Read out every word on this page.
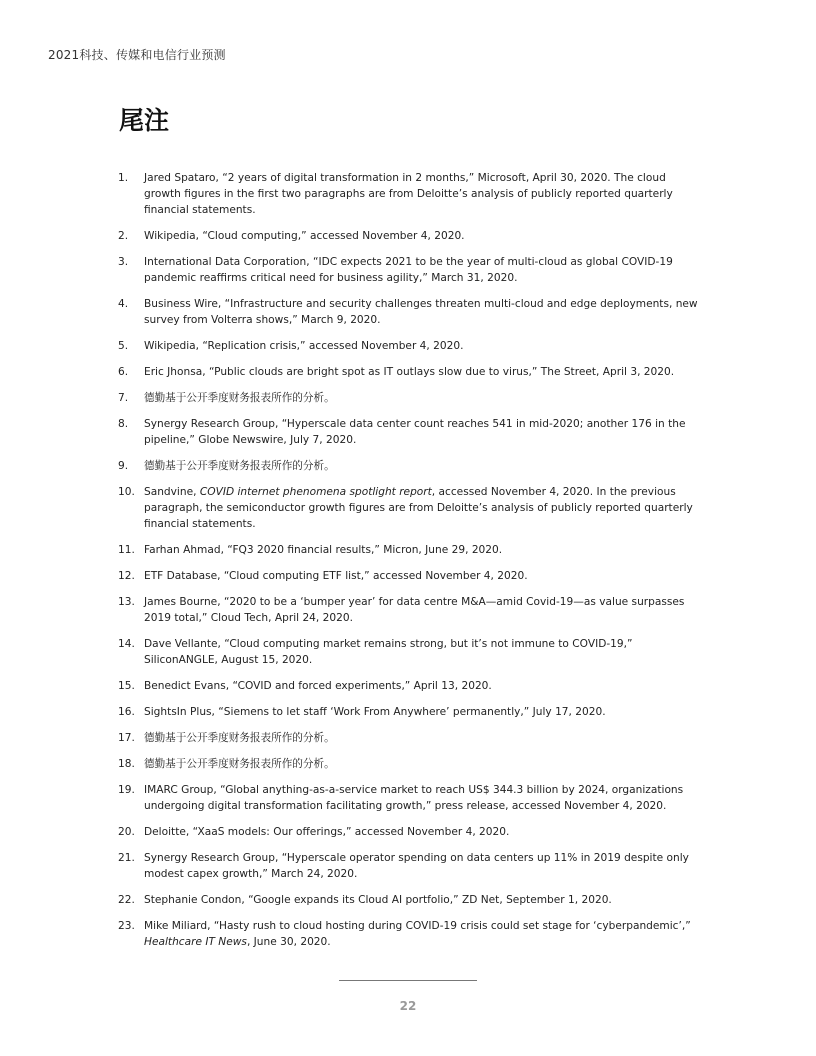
2021科技、传媒和电信行业预测
尾注
1.	Jared Spataro, “2 years of digital transformation in 2 months,” Microsoft, April 30, 2020. The cloud growth figures in the first two paragraphs are from Deloitte’s analysis of publicly reported quarterly financial statements.
2.	Wikipedia, “Cloud computing,” accessed November 4, 2020.
3.	International Data Corporation, “IDC expects 2021 to be the year of multi-cloud as global COVID-19 pandemic reaffirms critical need for business agility,” March 31, 2020.
4.	Business Wire, “Infrastructure and security challenges threaten multi-cloud and edge deployments, new survey from Volterra shows,” March 9, 2020.
5.	Wikipedia, “Replication crisis,” accessed November 4, 2020.
6.	Eric Jhonsa, “Public clouds are bright spot as IT outlays slow due to virus,” The Street, April 3, 2020.
7.	德勤基于公开季度财务报表所作的分析。
8.	Synergy Research Group, “Hyperscale data center count reaches 541 in mid-2020; another 176 in the pipeline,” Globe Newswire, July 7, 2020.
9.	德勤基于公开季度财务报表所作的分析。
10. Sandvine, COVID internet phenomena spotlight report, accessed November 4, 2020. In the previous paragraph, the semiconductor growth figures are from Deloitte’s analysis of publicly reported quarterly financial statements.
11. Farhan Ahmad, “FQ3 2020 financial results,” Micron, June 29, 2020.
12. ETF Database, “Cloud computing ETF list,” accessed November 4, 2020.
13. James Bourne, “2020 to be a ‘bumper year’ for data centre M&A—amid Covid-19—as value surpasses 2019 total,” Cloud Tech, April 24, 2020.
14. Dave Vellante, “Cloud computing market remains strong, but it’s not immune to COVID-19,” SiliconANGLE, August 15, 2020.
15. Benedict Evans, “COVID and forced experiments,” April 13, 2020.
16. SightsIn Plus, “Siemens to let staff ‘Work From Anywhere’ permanently,” July 17, 2020.
17. 德勤基于公开季度财务报表所作的分析。
18. 德勤基于公开季度财务报表所作的分析。
19. IMARC Group, “Global anything-as-a-service market to reach US$ 344.3 billion by 2024, organizations undergoing digital transformation facilitating growth,” press release, accessed November 4, 2020.
20. Deloitte, “XaaS models: Our offerings,” accessed November 4, 2020.
21. Synergy Research Group, “Hyperscale operator spending on data centers up 11% in 2019 despite only modest capex growth,” March 24, 2020.
22. Stephanie Condon, “Google expands its Cloud AI portfolio,” ZD Net, September 1, 2020.
23. Mike Miliard, “Hasty rush to cloud hosting during COVID-19 crisis could set stage for ‘cyberpandemic’,” Healthcare IT News, June 30, 2020.
22
